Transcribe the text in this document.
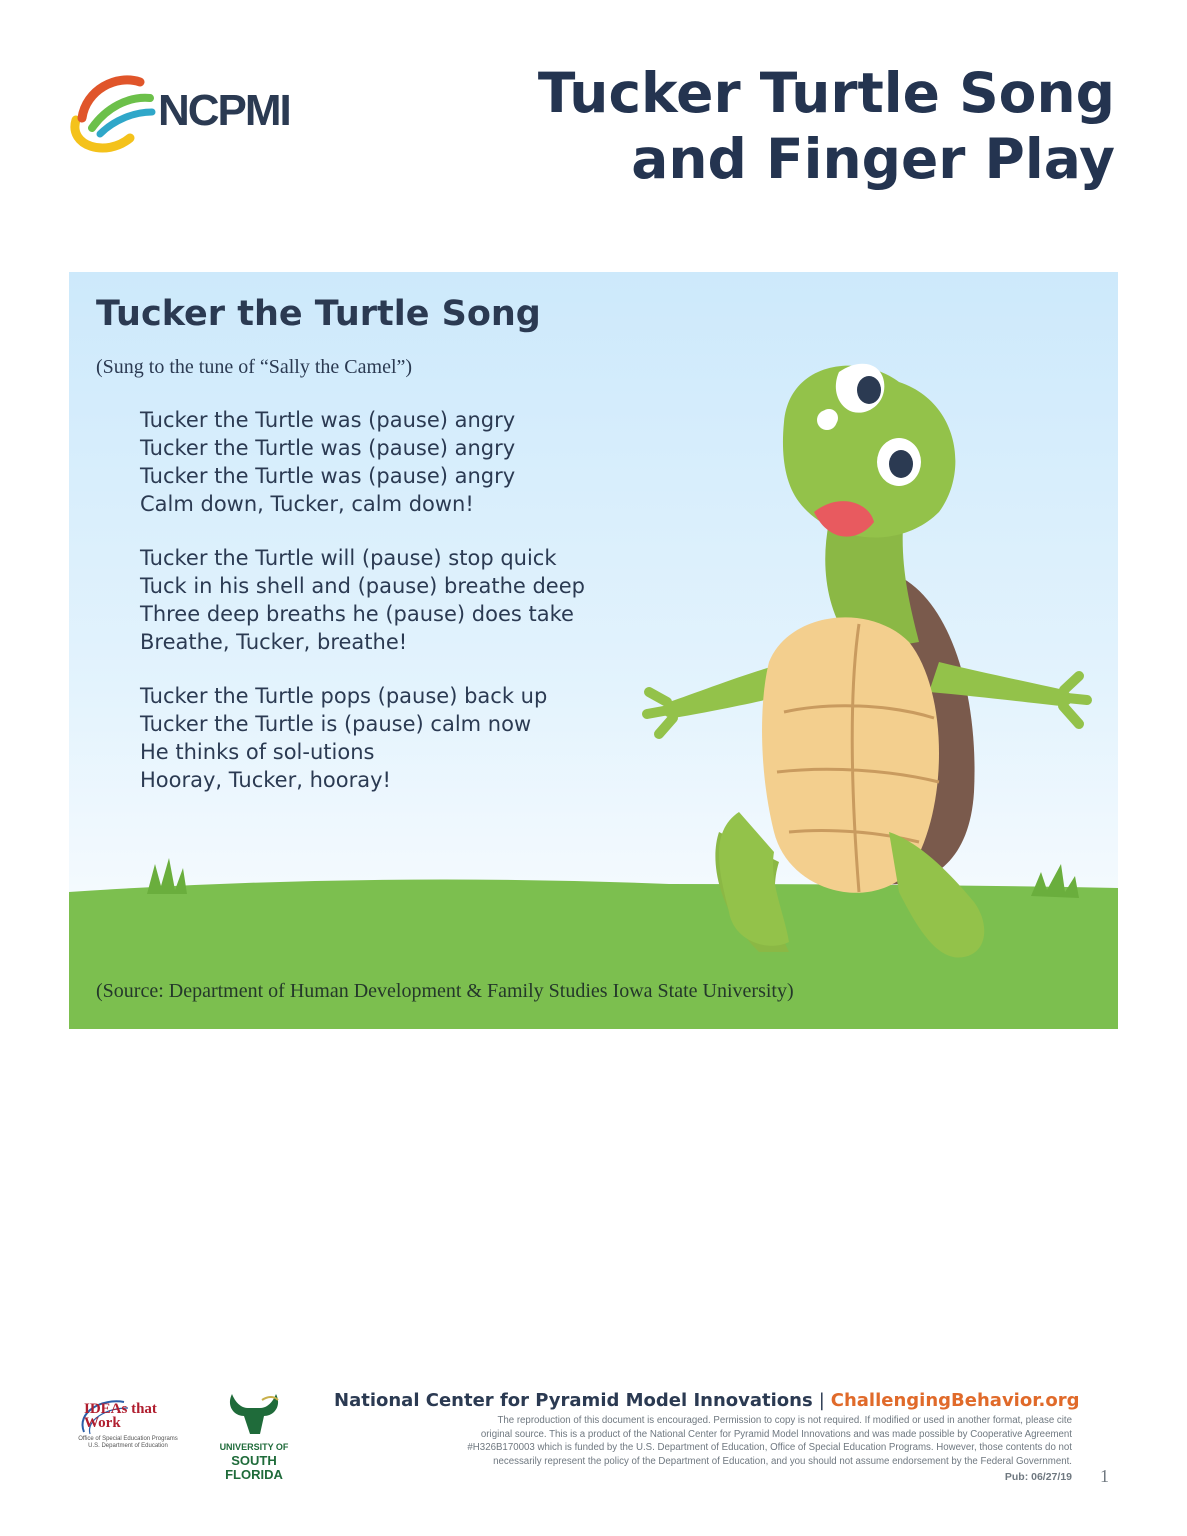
NCPMI	Tucker Turtle Song
and Finger Play
Tucker the Turtle Song

(Sung to the tune of “Sally the Camel”)

Tucker the Turtle was (pause) angry
Tucker the Turtle was (pause) angry
Tucker the Turtle was (pause) angry
Calm down, Tucker, calm down!
Tucker the Turtle will (pause) stop quick
Tuck in his shell and (pause) breathe deep
Three deep breaths he (pause) does take
Breathe, Tucker, breathe!
Tucker the Turtle pops (pause) back up
Tucker the Turtle is (pause) calm now
He thinks of sol-utions
Hooray, Tucker, hooray!

(Source: Department of Human Development & Family Studies Iowa State University)

IDEAs that Work
Office of Special Education Programs U.S. Department of Education	UNIVERSITY OF
SOUTH FLORIDA
National Center for Pyramid Model Innovations | ChallengingBehavior.org
The reproduction of this document is encouraged. Permission to copy is not required. If modified or used in another format, please cite
original source. This is a product of the National Center for Pyramid Model Innovations and was made possible by Cooperative Agreement
#H326B170003 which is funded by the U.S. Department of Education, Office of Special Education Programs. However, those contents do not
necessarily represent the policy of the Department of Education, and you should not assume endorsement by the Federal Government.
Pub: 06/27/19 1
